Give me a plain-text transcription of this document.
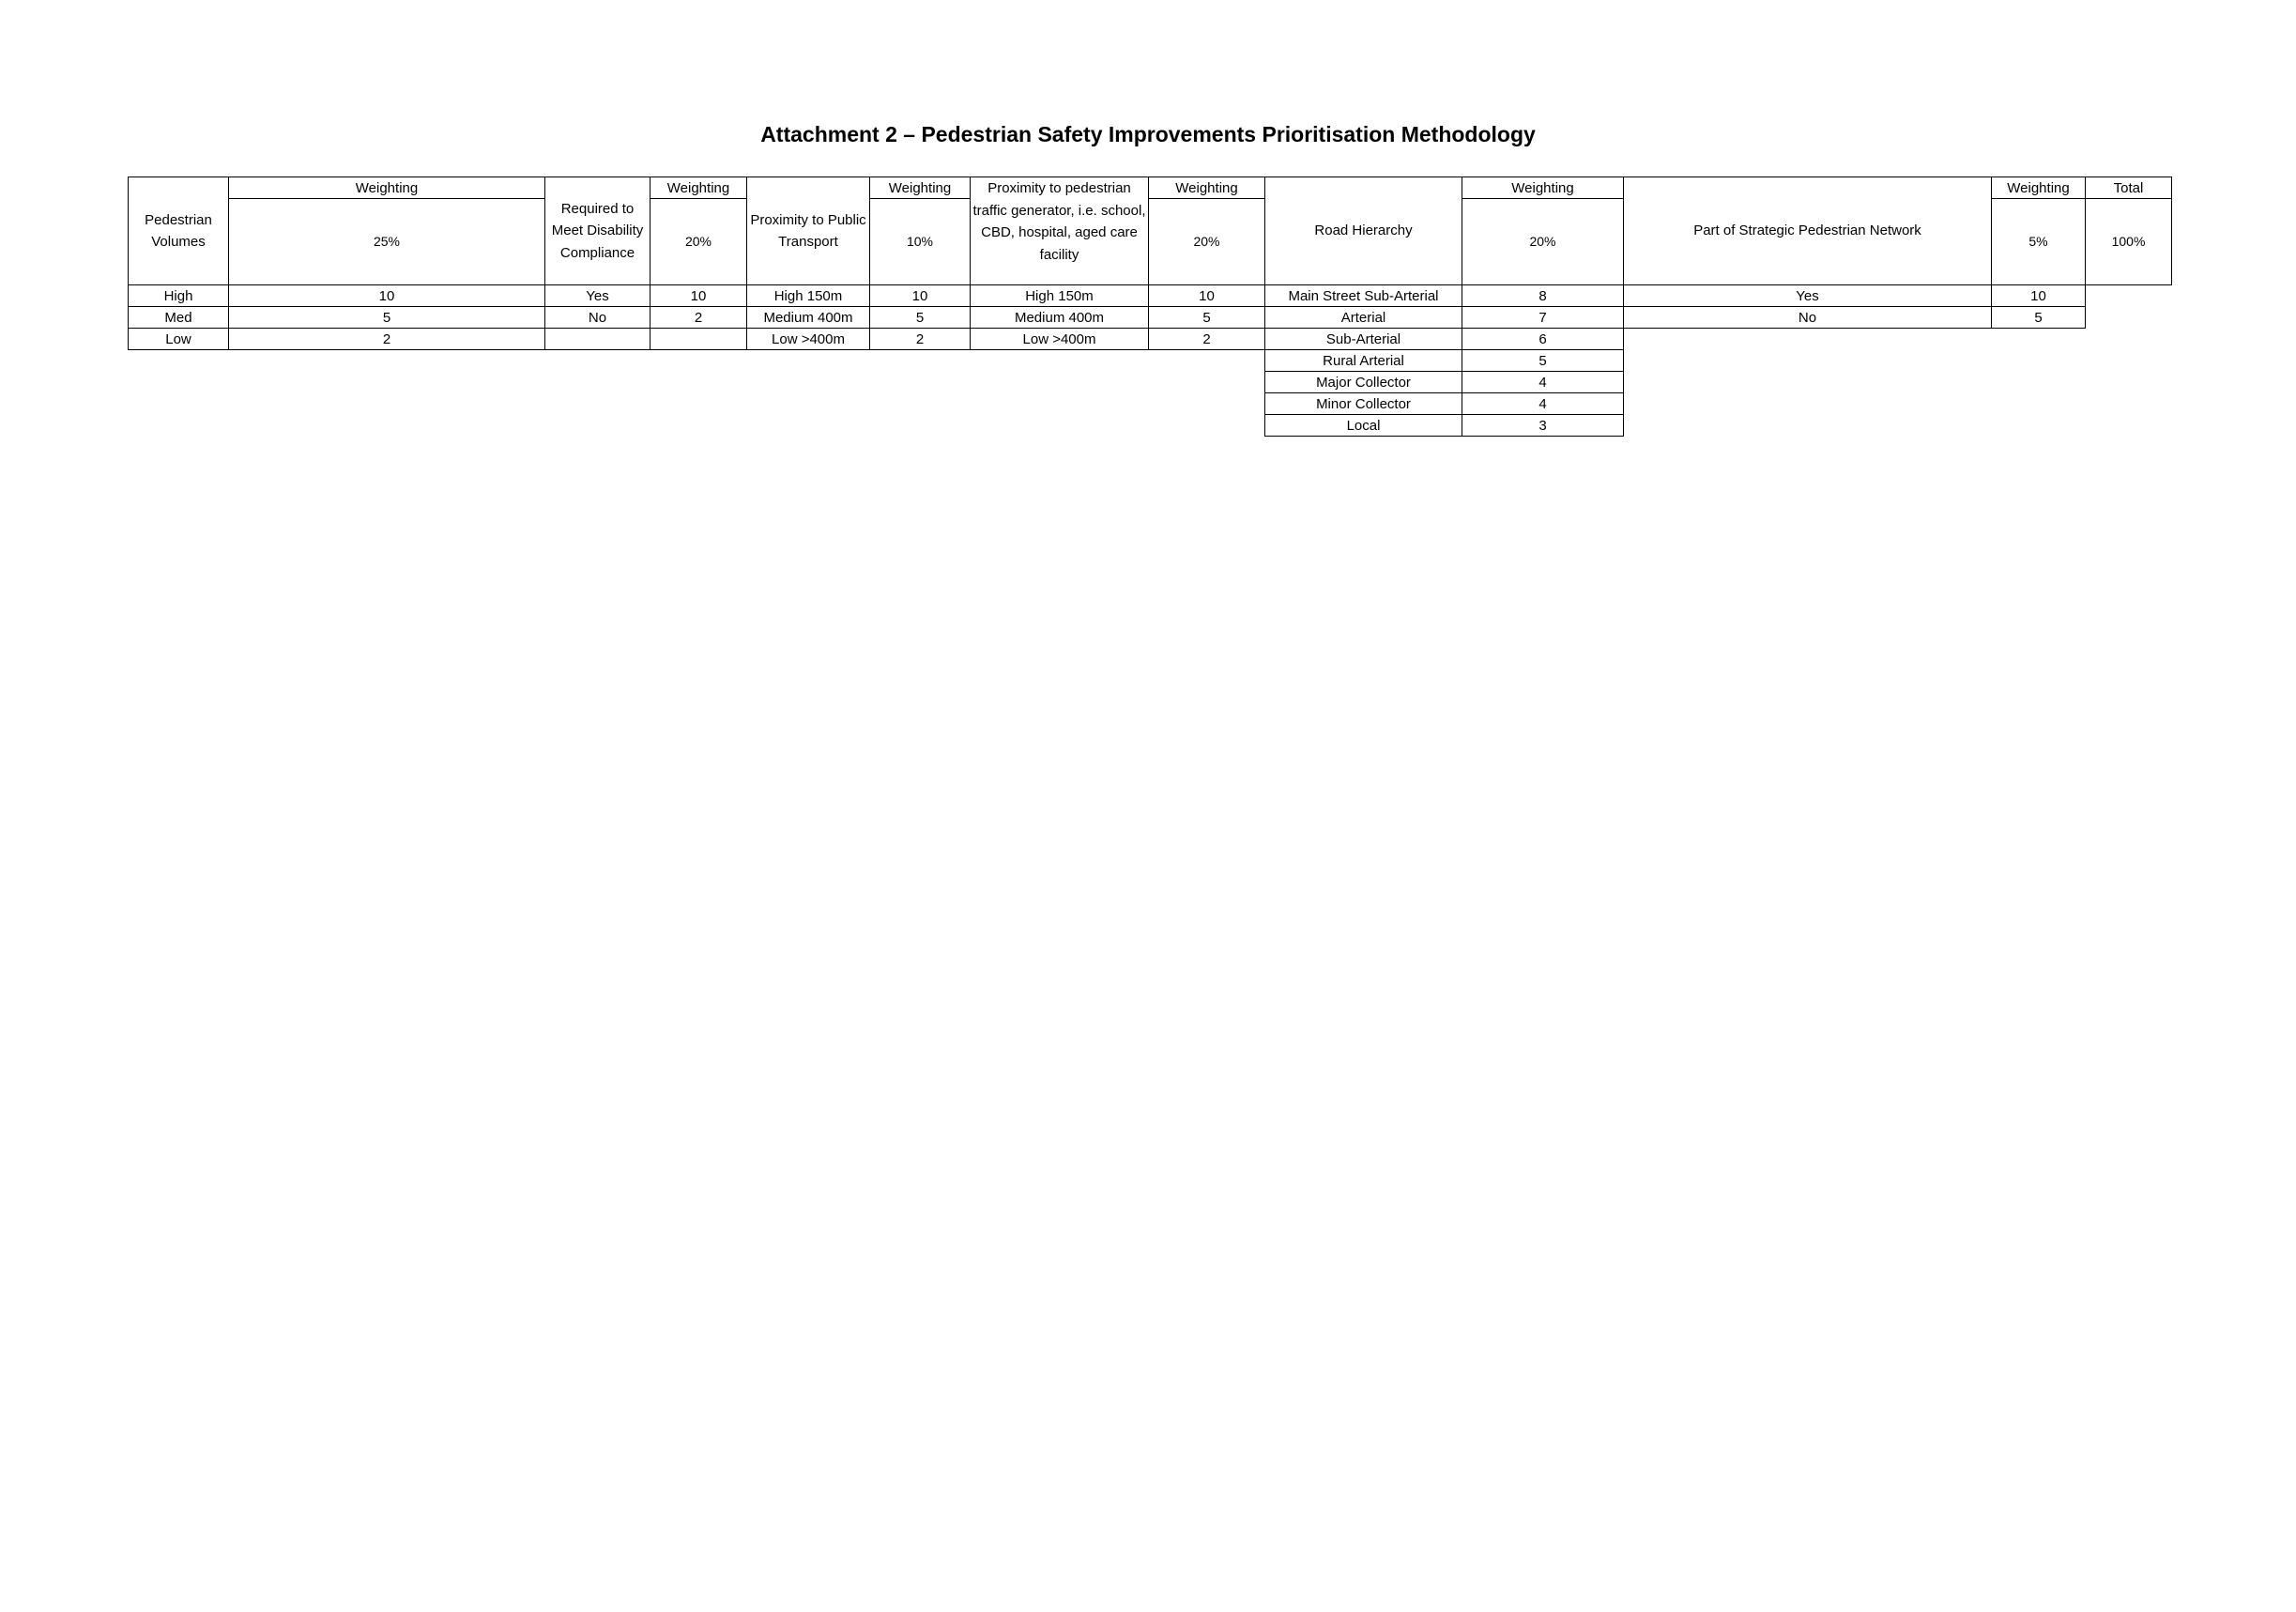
Attachment 2 – Pedestrian Safety Improvements Prioritisation Methodology
Pedestrian Volumes	Weighting	Required to Meet Disability Compliance	Weighting	Proximity to Public Transport	Weighting	Proximity to pedestrian traffic generator, i.e. school, CBD, hospital, aged care facility	Weighting	Road Hierarchy	Weighting	Part of Strategic Pedestrian Network	Weighting	Total
	25%		20%		10%		20%		20%		5%	100%
High	10	Yes	10	High 150m	10	High 150m	10	Main Street Sub-Arterial	8	Yes	10	
Med	5	No	2	Medium 400m	5	Medium 400m	5	Arterial	7	No	5	
Low	2			Low >400m	2	Low >400m	2	Sub-Arterial	6			
								Rural Arterial	5			
								Major Collector	4			
								Minor Collector	4			
								Local	3			
